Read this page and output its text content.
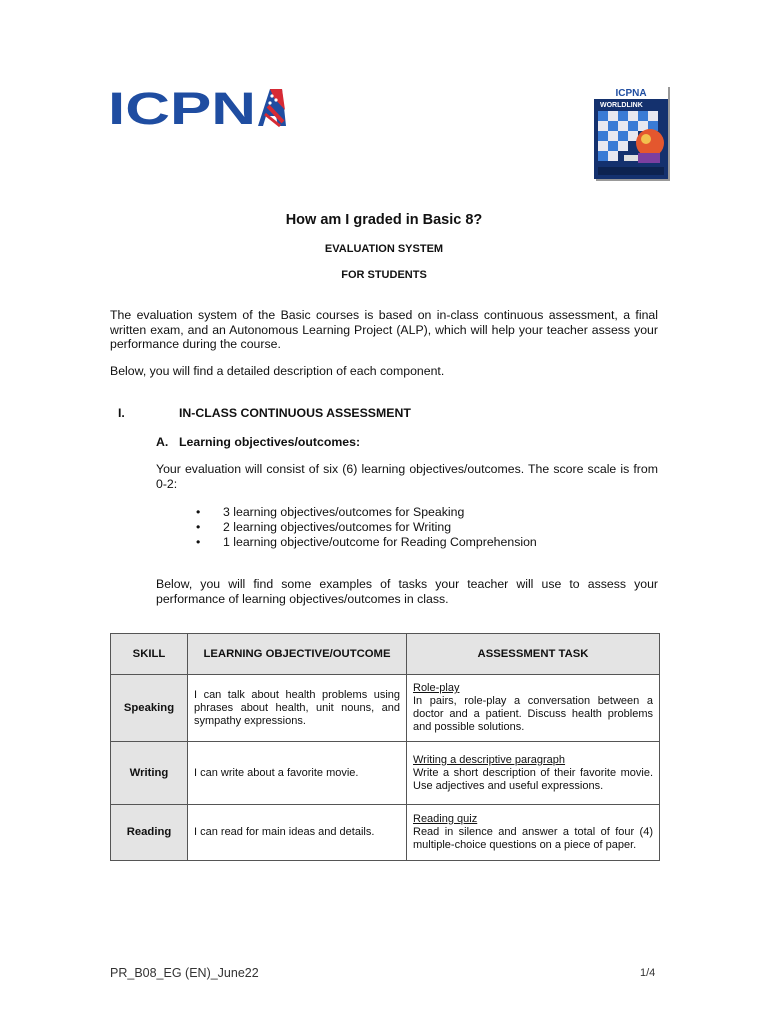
ICPN	ICPNA
WORLDLINK
How am I graded in Basic 8?
EVALUATION SYSTEM
FOR STUDENTS
The evaluation system of the Basic courses is based on in-class continuous assessment, a final written exam, and an Autonomous Learning Project (ALP), which will help your teacher assess your performance during the course.
Below, you will find a detailed description of each component.
I.	IN-CLASS CONTINUOUS ASSESSMENT
A. Learning objectives/outcomes:
Your evaluation will consist of six (6) learning objectives/outcomes. The score scale is from 0-2:
• 3 learning objectives/outcomes for Speaking
• 2 learning objectives/outcomes for Writing
• 1 learning objective/outcome for Reading Comprehension
Below, you will find some examples of tasks your teacher will use to assess your performance of learning objectives/outcomes in class.
SKILL	LEARNING OBJECTIVE/OUTCOME	ASSESSMENT TASK
Speaking	I can talk about health problems using phrases about health, unit nouns, and sympathy expressions.	Role-play
In pairs, role-play a conversation between a doctor and a patient. Discuss health problems and possible solutions.
Writing	I can write about a favorite movie.	Writing a descriptive paragraph
Write a short description of their favorite movie. Use adjectives and useful expressions.
Reading	I can read for main ideas and details.	Reading quiz
Read in silence and answer a total of four (4) multiple-choice questions on a piece of paper.
PR_B08_EG (EN)_June22	1/4
